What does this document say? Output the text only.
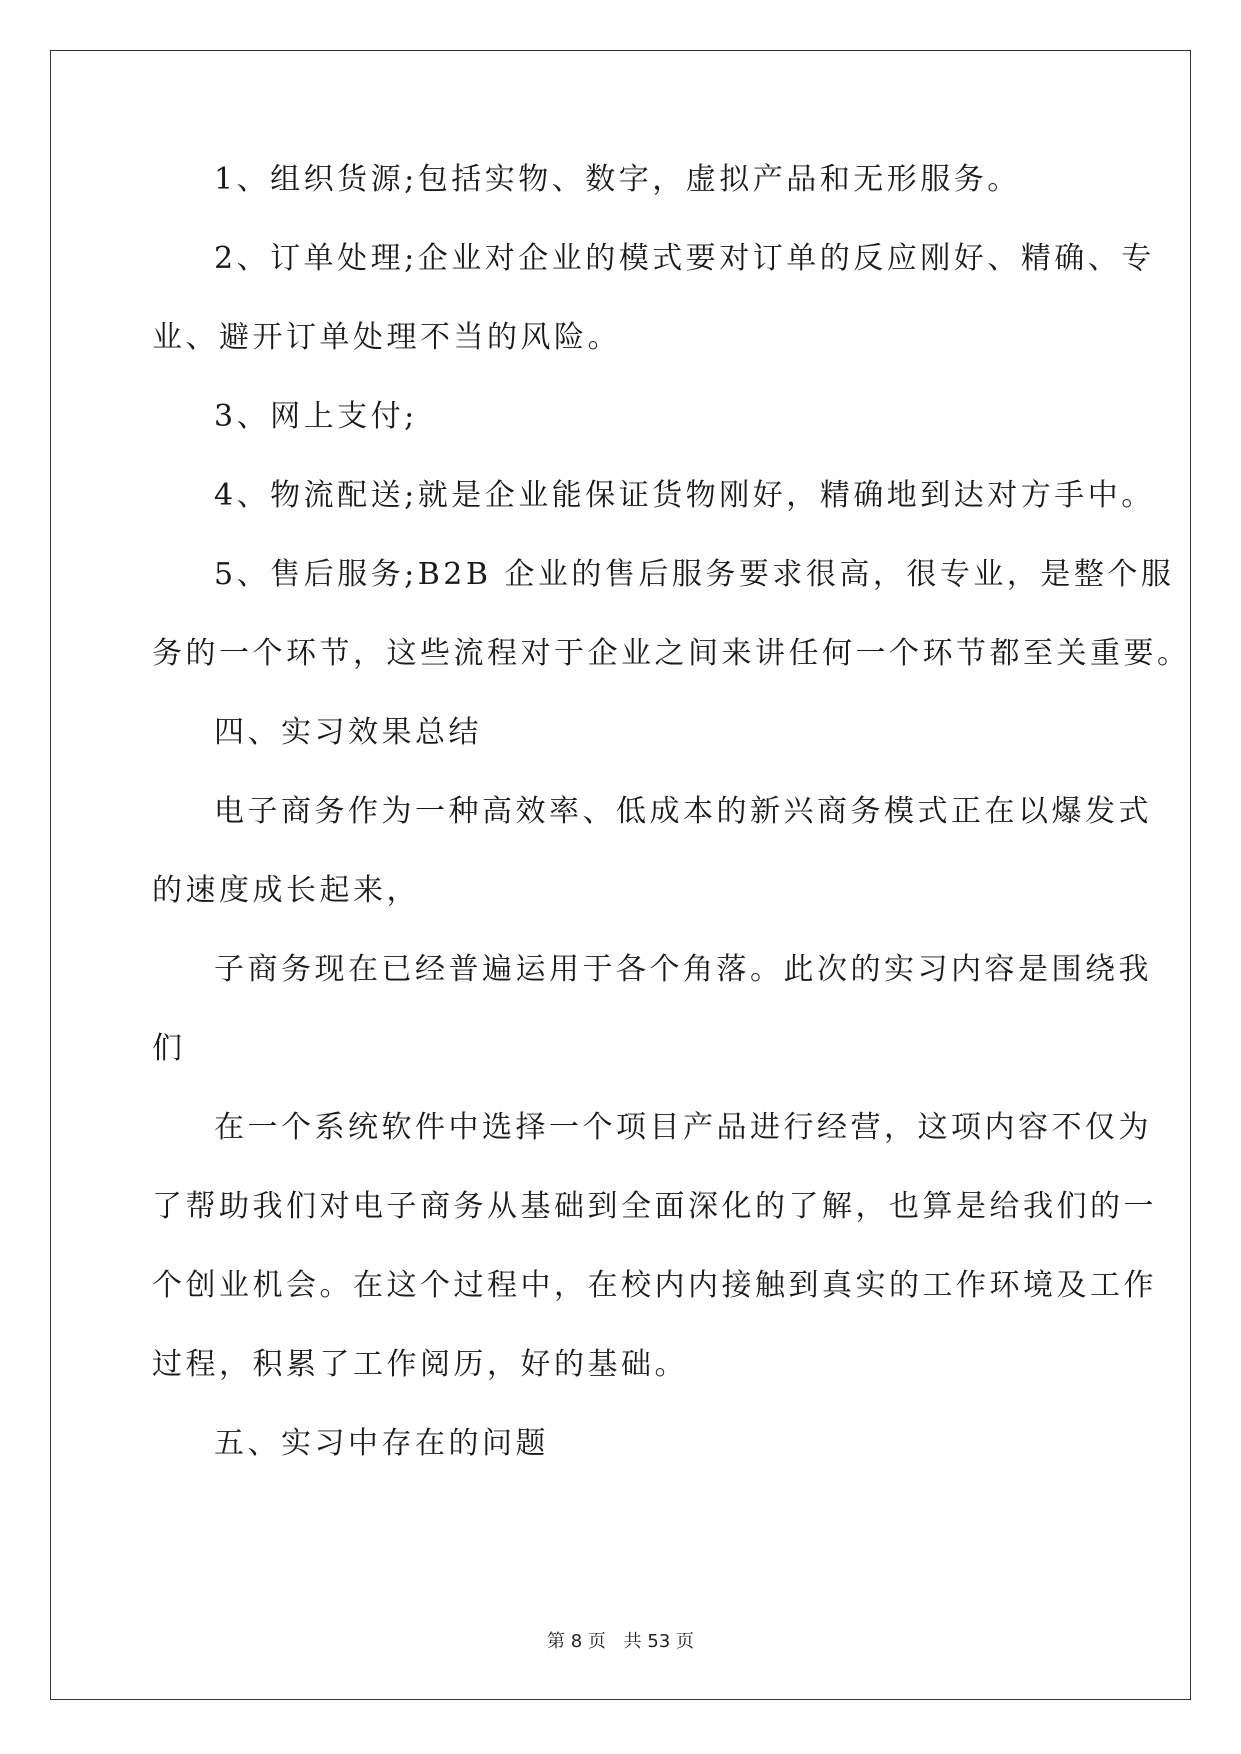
1、组织货源;包括实物、数字，虚拟产品和无形服务。
2、订单处理;企业对企业的模式要对订单的反应刚好、精确、专
业、避开订单处理不当的风险。
3、网上支付;
4、物流配送;就是企业能保证货物刚好，精确地到达对方手中。
5、售后服务;B2B 企业的售后服务要求很高，很专业，是整个服
务的一个环节，这些流程对于企业之间来讲任何一个环节都至关重要。
四、实习效果总结
电子商务作为一种高效率、低成本的新兴商务模式正在以爆发式
的速度成长起来，
子商务现在已经普遍运用于各个角落。此次的实习内容是围绕我
们
在一个系统软件中选择一个项目产品进行经营，这项内容不仅为
了帮助我们对电子商务从基础到全面深化的了解，也算是给我们的一
个创业机会。在这个过程中，在校内内接触到真实的工作环境及工作
过程，积累了工作阅历，好的基础。
五、实习中存在的问题
第 8 页 共 53 页
